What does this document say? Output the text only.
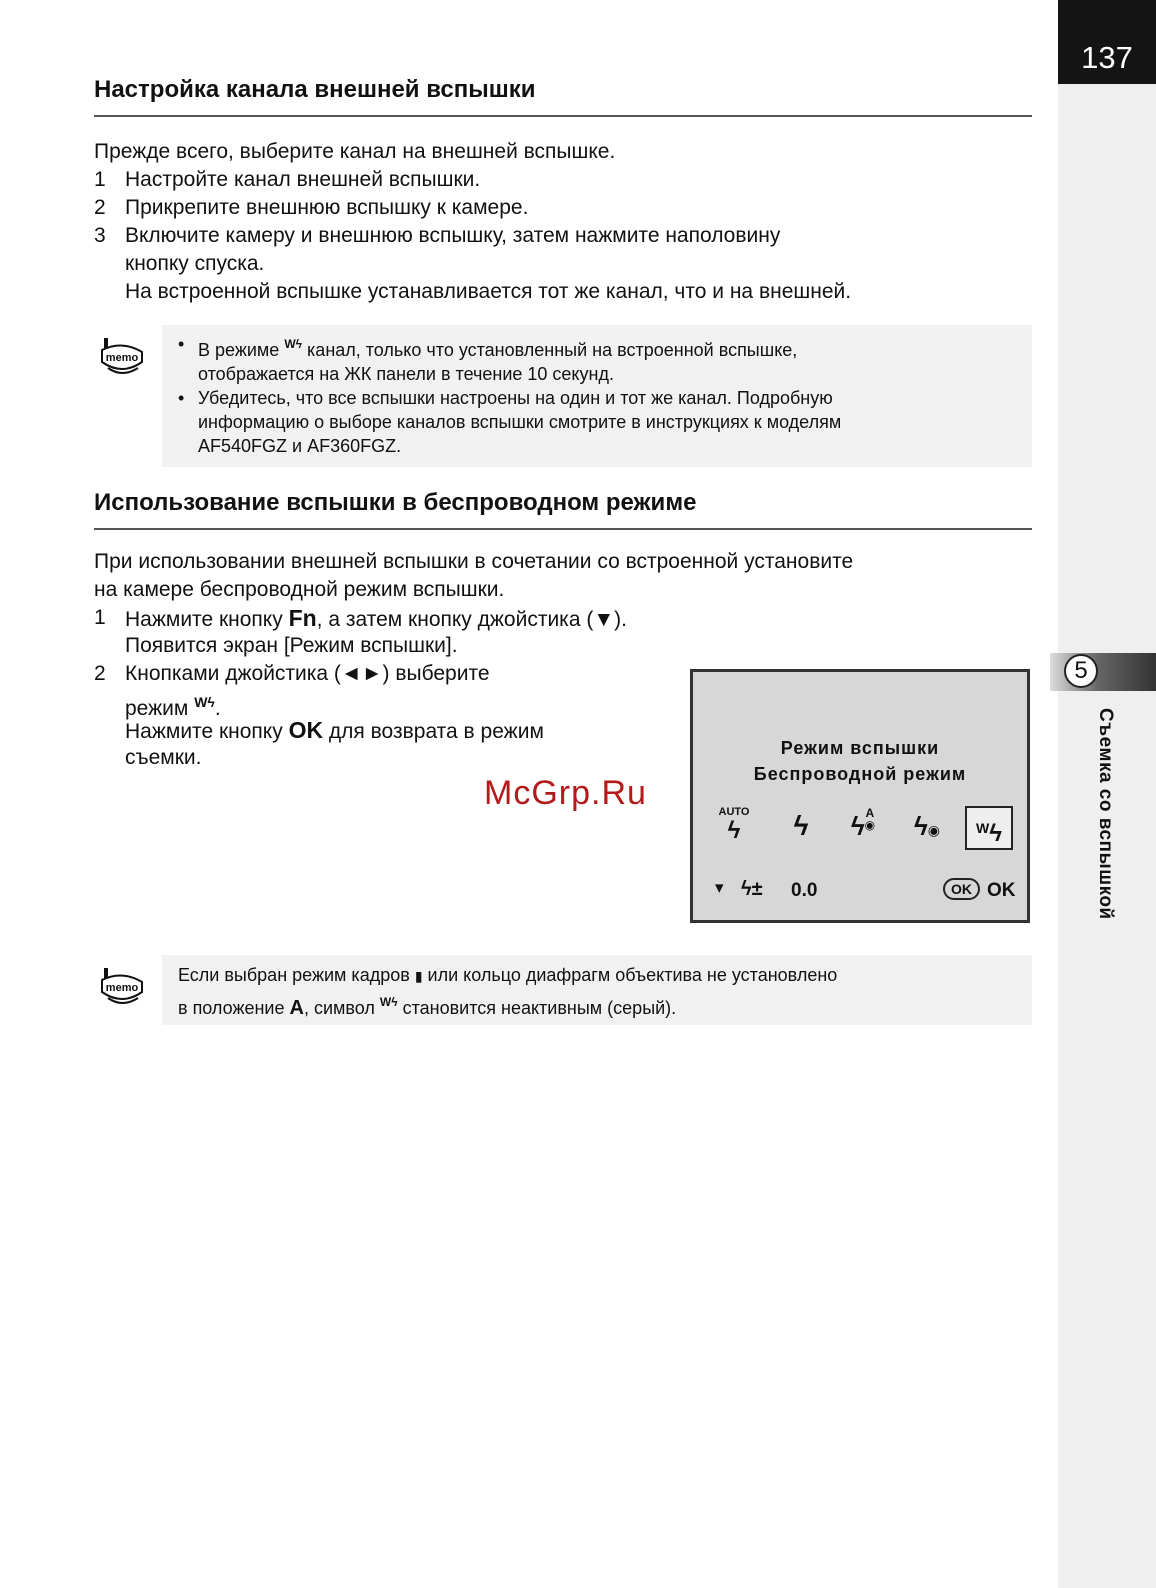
137
5
Съемка со вспышкой
Настройка канала внешней вспышки
Прежде всего, выберите канал на внешней вспышке.
1 Настройте канал внешней вспышки.
2 Прикрепите внешнюю вспышку к камере.
3 Включите камеру и внешнюю вспышку, затем нажмите наполовину
кнопку спуска.
На встроенной вспышке устанавливается тот же канал, что и на внешней.
memo
•	В режиме $^{Wϟ}$ канал, только что установленный на встроенной вспышке,
отображается на ЖК панели в течение 10 секунд.
• Убедитесь, что все вспышки настроены на один и тот же канал. Подробную
информацию о выборе каналов вспышки смотрите в инструкциях к моделям
AF540FGZ и AF360FGZ.
Использование вспышки в беспроводном режиме
При использовании внешней вспышки в сочетании со встроенной установите
на камере беспроводной режим вспышки.
1 Нажмите кнопку Fn, а затем кнопку джойстика (▼).
Появится экран [Режим вспышки].
2 Кнопками джойстика (◄►) выберите
режим $^{Wϟ}$.
Нажмите кнопку OK для возврата в режим
съемки.	Режим вспышки
Беспроводной режим
AUTO
ϟ	ϟ	ϟA
◉	ϟ◉	$^W$ϟ
▾ ϟ± 0.0	OK OK
McGrp.Ru
memo
Если выбран режим кадров ▮ или кольцо диафрагм объектива не установлено
в положение A, символ $^{Wϟ}$ становится неактивным (серый).
